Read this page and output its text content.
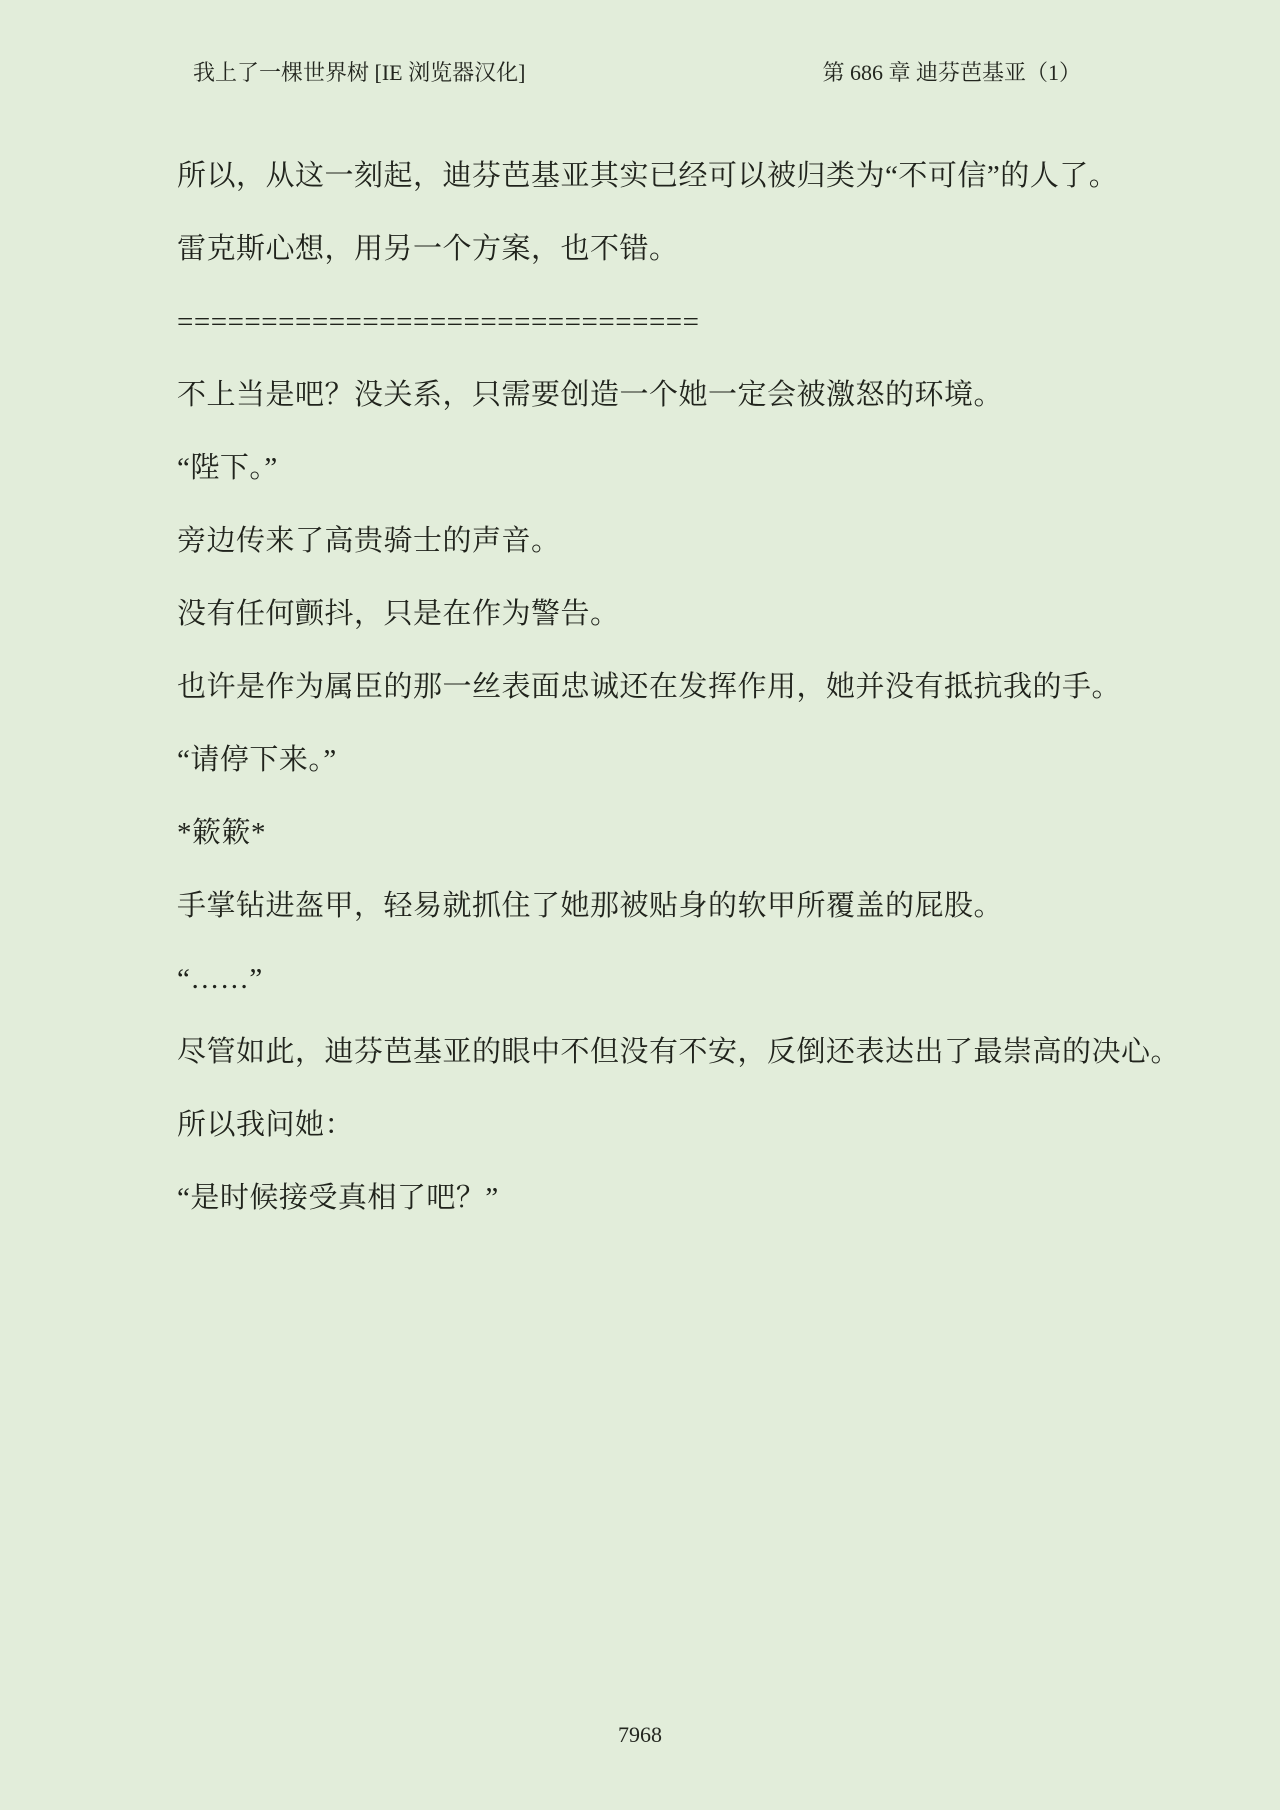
我上了一棵世界树 [IE 浏览器汉化]	第 686 章 迪芬芭基亚（1）

所以，从这一刻起，迪芬芭基亚其实已经可以被归类为“不可信”的人了。

雷克斯心想，用另一个方案，也不错。

===============================

不上当是吧？没关系，只需要创造一个她一定会被激怒的环境。

“陛下。”

旁边传来了高贵骑士的声音。

没有任何颤抖，只是在作为警告。

也许是作为属臣的那一丝表面忠诚还在发挥作用，她并没有抵抗我的手。

“请停下来。”

*簌簌*

手掌钻进盔甲，轻易就抓住了她那被贴身的软甲所覆盖的屁股。

“……”

尽管如此，迪芬芭基亚的眼中不但没有不安，反倒还表达出了最崇高的决心。

所以我问她：

“是时候接受真相了吧？”

7968
